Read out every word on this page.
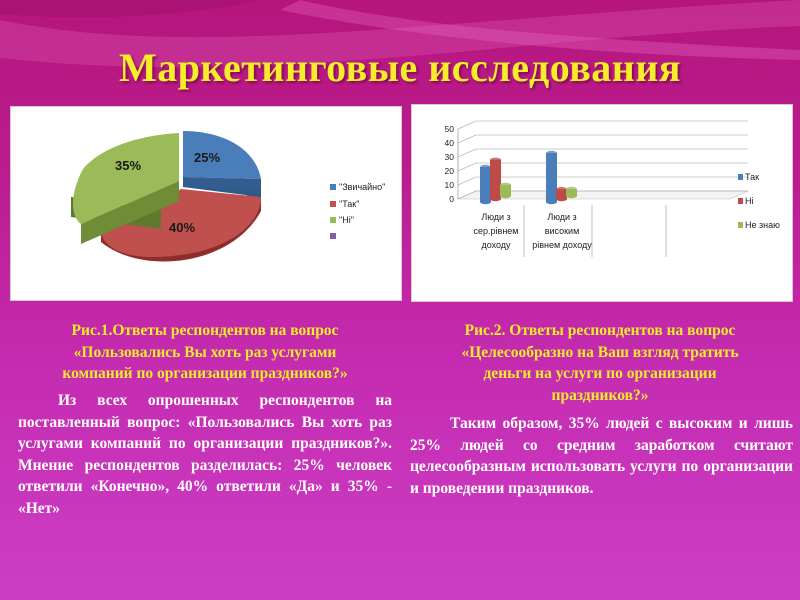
Маркетинговые исследования
25%
35%
40%
"Звичайно"
"Так"
"Ні"
0
10
20
30
40
50
Люди з
сер.рівнем
доходу
Люди з
високим
рівнем доходу
Так
Ні
Не знаю
Рис.1.Ответы респондентов на вопрос
«Пользовались Вы хоть раз услугами
компаний по организации праздников?»

Из всех опрошенных респондентов на поставленный вопрос: «Пользовались Вы хоть раз услугами компаний по организации праздников?». Мнение респондентов разделилась: 25% человек ответили «Конечно», 40% ответили «Да» и 35% - «Нет»

Рис.2. Ответы респондентов на вопрос
«Целесообразно на Ваш взгляд тратить
деньги на услуги по организации
праздников?»

Таким образом, 35% людей с высоким и лишь 25% людей со средним заработком считают целесообразным использовать услуги по организации и проведении праздников.
